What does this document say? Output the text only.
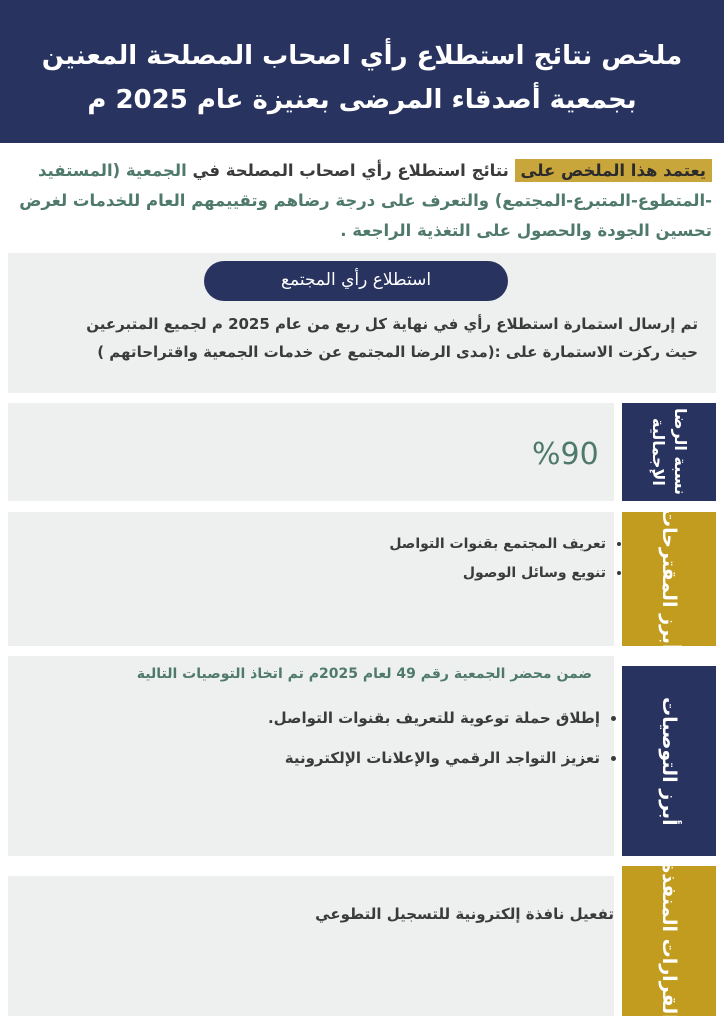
ملخص نتائج استطلاع رأي اصحاب المصلحة المعنين
بجمعية أصدقاء المرضى بعنيزة عام 2025 م
يعتمد هذا الملخص على نتائج استطلاع رأي اصحاب المصلحة في الجمعية (المستفيد -المتطوع-المتبرع-المجتمع) والتعرف على درجة رضاهم وتقييمهم العام للخدمات لغرض تحسين الجودة والحصول على التغذية الراجعة .
استطلاع رأي المجتمع
تم إرسال استمارة استطلاع رأي في نهاية كل ربع من عام 2025 م لجميع المتبرعين
حيث ركزت الاستمارة على :(مدى الرضا المجتمع عن خدمات الجمعية واقتراحاتهم )
نسبة الرضا الإجمالية
%90
أبرز المقترحات
• تعريف المجتمع بقنوات التواصل
• تنويع وسائل الوصول
أبرز التوصيات
ضمن محضر الجمعية رقم 49 لعام 2025م تم اتخاذ التوصيات التالية
• إطلاق حملة توعوية للتعريف بقنوات التواصل.
• تعزيز التواجد الرقمي والإعلانات الإلكترونية
القرارات المنفذة
تفعيل نافذة إلكترونية للتسجيل التطوعي
